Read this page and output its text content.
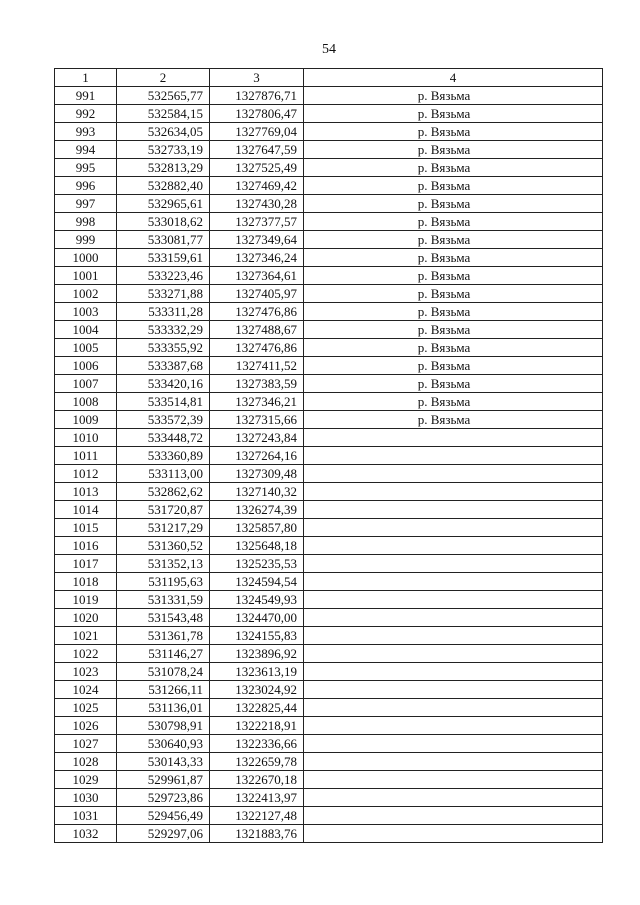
54
1	2	3	4
991	532565,77	1327876,71	р. Вязьма
992	532584,15	1327806,47	р. Вязьма
993	532634,05	1327769,04	р. Вязьма
994	532733,19	1327647,59	р. Вязьма
995	532813,29	1327525,49	р. Вязьма
996	532882,40	1327469,42	р. Вязьма
997	532965,61	1327430,28	р. Вязьма
998	533018,62	1327377,57	р. Вязьма
999	533081,77	1327349,64	р. Вязьма
1000	533159,61	1327346,24	р. Вязьма
1001	533223,46	1327364,61	р. Вязьма
1002	533271,88	1327405,97	р. Вязьма
1003	533311,28	1327476,86	р. Вязьма
1004	533332,29	1327488,67	р. Вязьма
1005	533355,92	1327476,86	р. Вязьма
1006	533387,68	1327411,52	р. Вязьма
1007	533420,16	1327383,59	р. Вязьма
1008	533514,81	1327346,21	р. Вязьма
1009	533572,39	1327315,66	р. Вязьма
1010	533448,72	1327243,84	
1011	533360,89	1327264,16	
1012	533113,00	1327309,48	
1013	532862,62	1327140,32	
1014	531720,87	1326274,39	
1015	531217,29	1325857,80	
1016	531360,52	1325648,18	
1017	531352,13	1325235,53	
1018	531195,63	1324594,54	
1019	531331,59	1324549,93	
1020	531543,48	1324470,00	
1021	531361,78	1324155,83	
1022	531146,27	1323896,92	
1023	531078,24	1323613,19	
1024	531266,11	1323024,92	
1025	531136,01	1322825,44	
1026	530798,91	1322218,91	
1027	530640,93	1322336,66	
1028	530143,33	1322659,78	
1029	529961,87	1322670,18	
1030	529723,86	1322413,97	
1031	529456,49	1322127,48	
1032	529297,06	1321883,76	
